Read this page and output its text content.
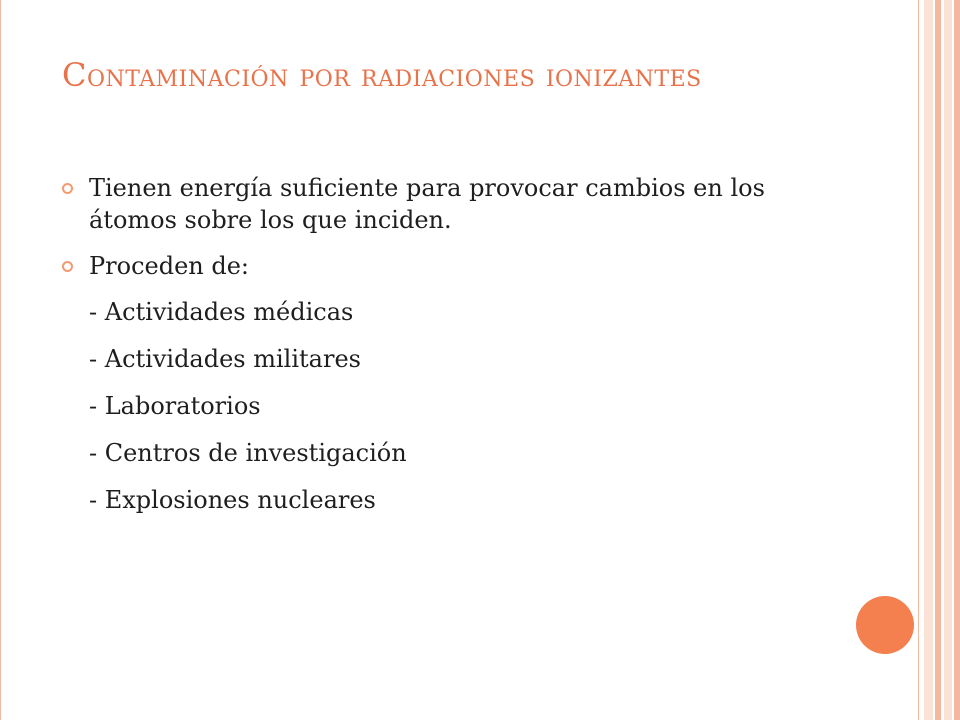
Contaminación por radiaciones ionizantes
Tienen energía suficiente para provocar cambios en los átomos sobre los que inciden.
Proceden de:
- Actividades médicas
- Actividades militares
- Laboratorios
- Centros de investigación
- Explosiones nucleares
